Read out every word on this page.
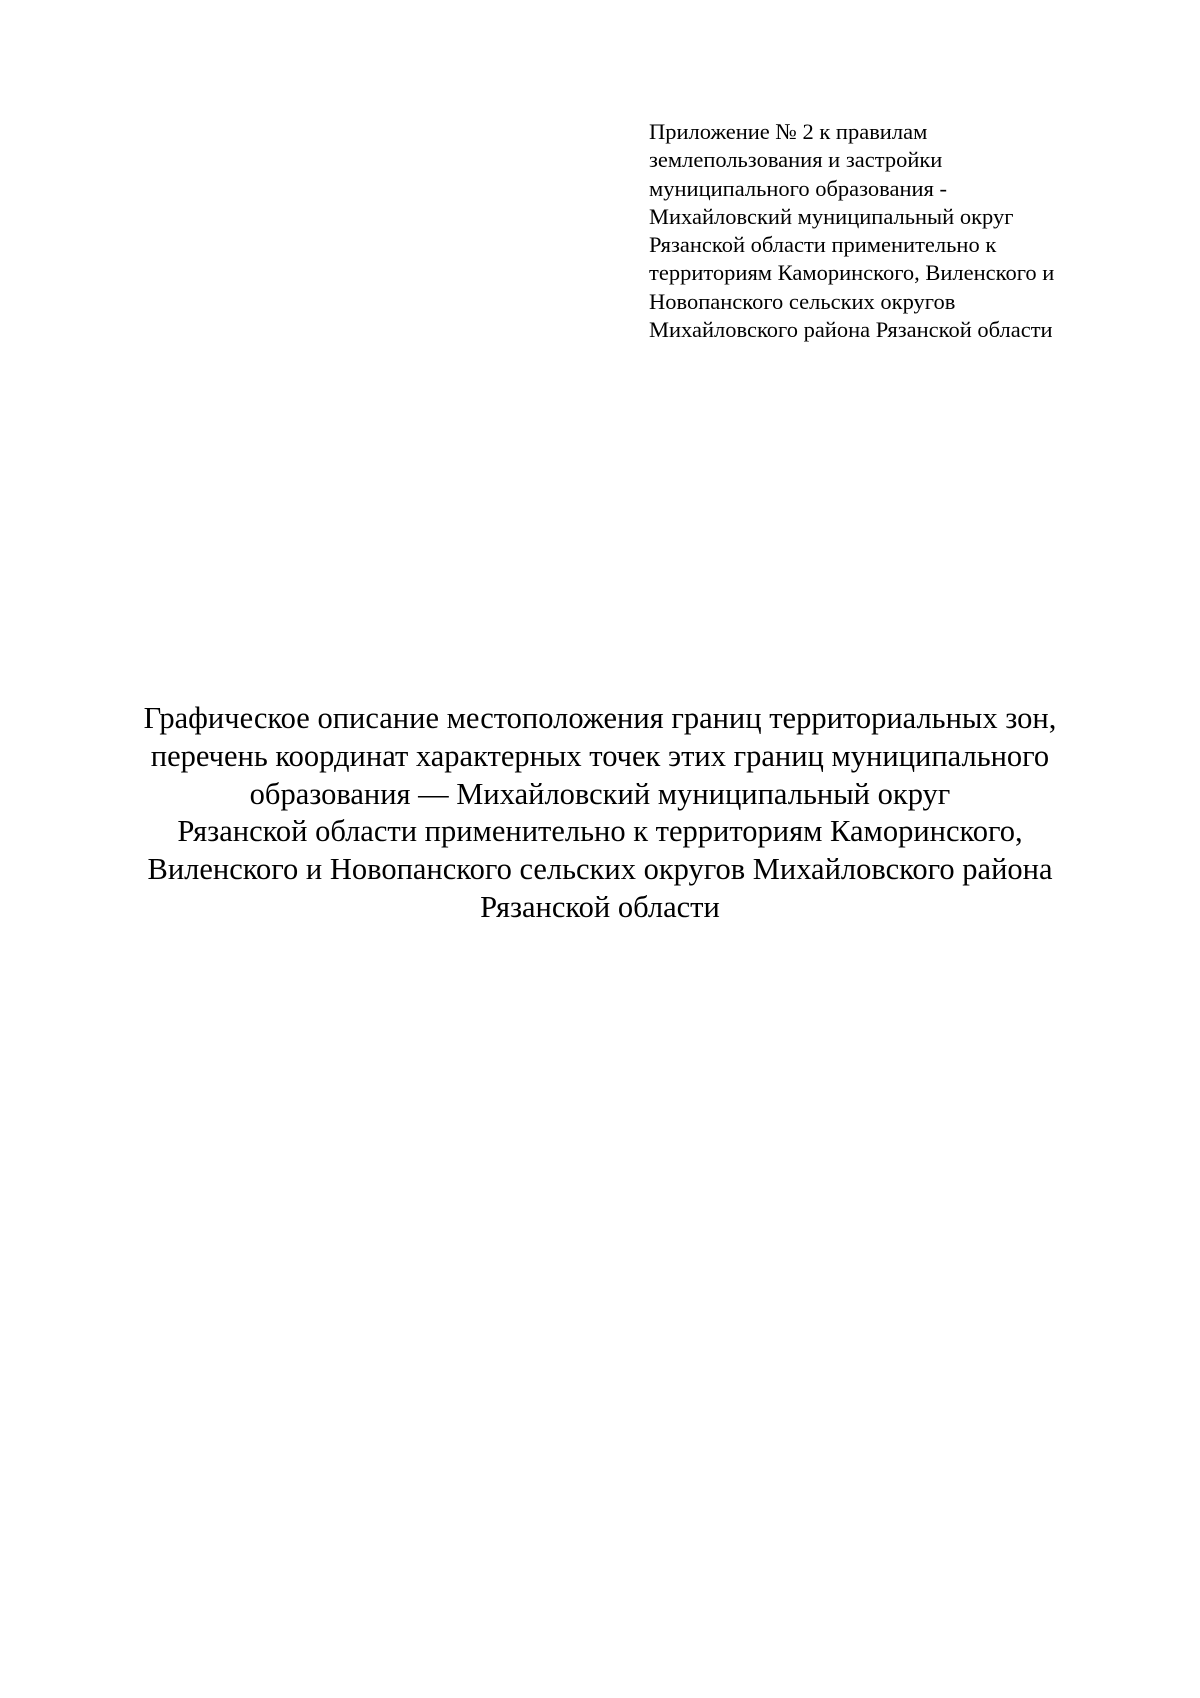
Приложение № 2 к правилам
землепользования и застройки
муниципального образования -
Михайловский муниципальный округ
Рязанской области применительно к
территориям Каморинского, Виленского и
Новопанского сельских округов
Михайловского района Рязанской области
Графическое описание местоположения границ территориальных зон,
перечень координат характерных точек этих границ муниципального
образования — Михайловский муниципальный округ
Рязанской области применительно к территориям Каморинского,
Виленского и Новопанского сельских округов Михайловского района
Рязанской области
